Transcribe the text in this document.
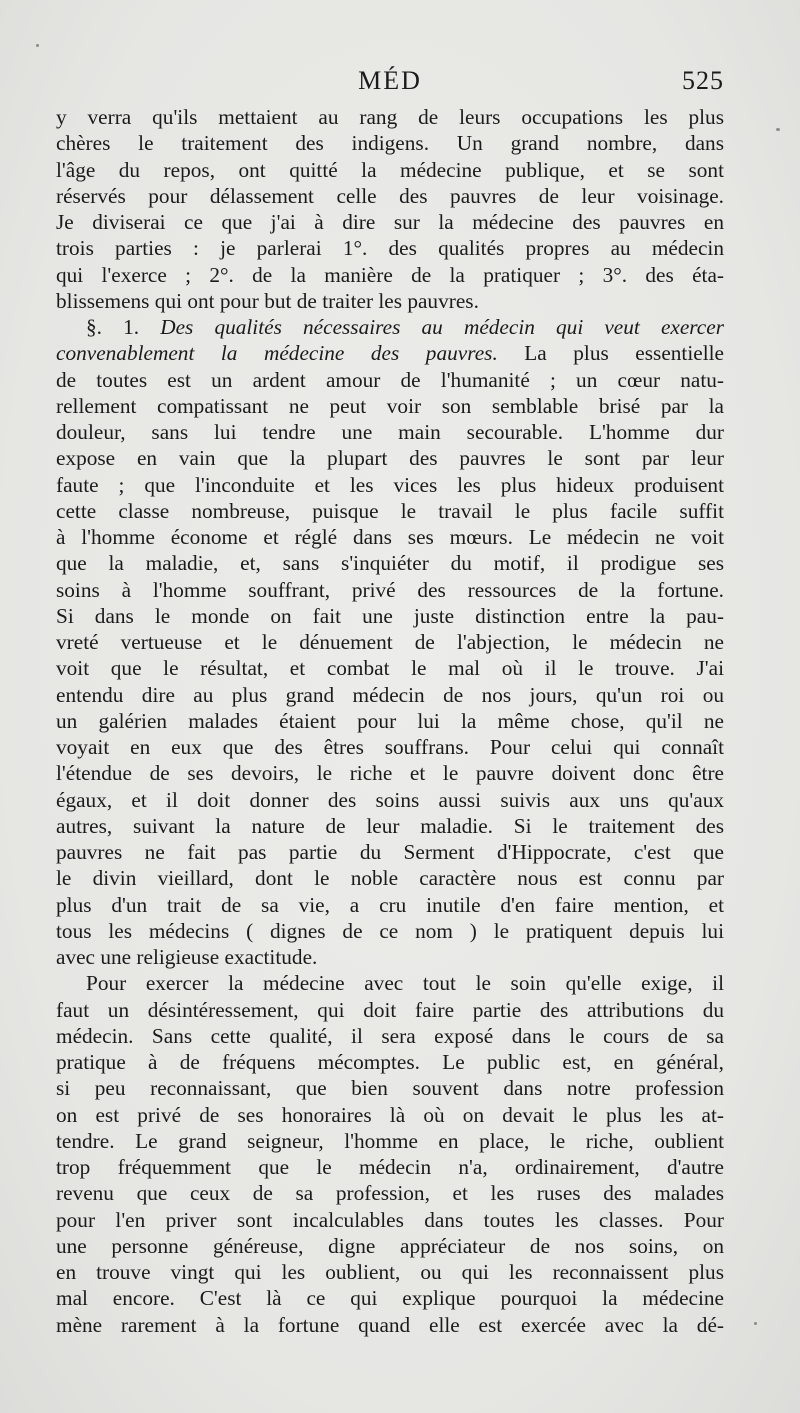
MÉD	525
y verra qu'ils mettaient au rang de leurs occupations les plus
chères le traitement des indigens. Un grand nombre, dans
l'âge du repos, ont quitté la médecine publique, et se sont
réservés pour délassement celle des pauvres de leur voisinage.
Je diviserai ce que j'ai à dire sur la médecine des pauvres en
trois parties : je parlerai 1°. des qualités propres au médecin
qui l'exerce ; 2°. de la manière de la pratiquer ; 3°. des éta-
blissemens qui ont pour but de traiter les pauvres.
§. 1. Des qualités nécessaires au médecin qui veut exercer
convenablement la médecine des pauvres. La plus essentielle
de toutes est un ardent amour de l'humanité ; un cœur natu-
rellement compatissant ne peut voir son semblable brisé par la
douleur, sans lui tendre une main secourable. L'homme dur
expose en vain que la plupart des pauvres le sont par leur
faute ; que l'inconduite et les vices les plus hideux produisent
cette classe nombreuse, puisque le travail le plus facile suffit
à l'homme économe et réglé dans ses mœurs. Le médecin ne voit
que la maladie, et, sans s'inquiéter du motif, il prodigue ses
soins à l'homme souffrant, privé des ressources de la fortune.
Si dans le monde on fait une juste distinction entre la pau-
vreté vertueuse et le dénuement de l'abjection, le médecin ne
voit que le résultat, et combat le mal où il le trouve. J'ai
entendu dire au plus grand médecin de nos jours, qu'un roi ou
un galérien malades étaient pour lui la même chose, qu'il ne
voyait en eux que des êtres souffrans. Pour celui qui connaît
l'étendue de ses devoirs, le riche et le pauvre doivent donc être
égaux, et il doit donner des soins aussi suivis aux uns qu'aux
autres, suivant la nature de leur maladie. Si le traitement des
pauvres ne fait pas partie du Serment d'Hippocrate, c'est que
le divin vieillard, dont le noble caractère nous est connu par
plus d'un trait de sa vie, a cru inutile d'en faire mention, et
tous les médecins ( dignes de ce nom ) le pratiquent depuis lui
avec une religieuse exactitude.
Pour exercer la médecine avec tout le soin qu'elle exige, il
faut un désintéressement, qui doit faire partie des attributions du
médecin. Sans cette qualité, il sera exposé dans le cours de sa
pratique à de fréquens mécomptes. Le public est, en général,
si peu reconnaissant, que bien souvent dans notre profession
on est privé de ses honoraires là où on devait le plus les at-
tendre. Le grand seigneur, l'homme en place, le riche, oublient
trop fréquemment que le médecin n'a, ordinairement, d'autre
revenu que ceux de sa profession, et les ruses des malades
pour l'en priver sont incalculables dans toutes les classes. Pour
une personne généreuse, digne appréciateur de nos soins, on
en trouve vingt qui les oublient, ou qui les reconnaissent plus
mal encore. C'est là ce qui explique pourquoi la médecine
mène rarement à la fortune quand elle est exercée avec la dé-
